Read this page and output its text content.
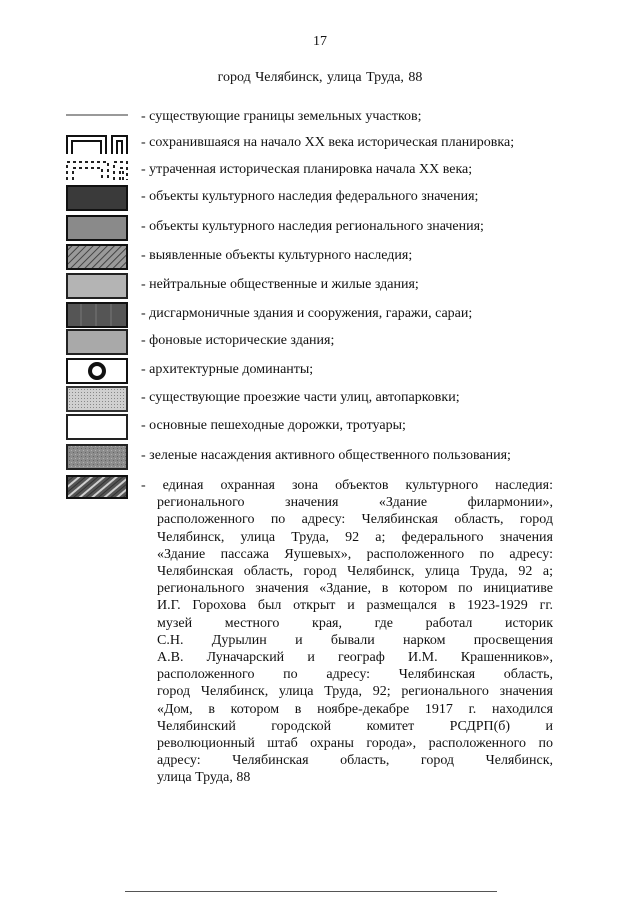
17
город Челябинск, улица Труда, 88
- существующие границы земельных участков;
- сохранившаяся на начало XX века историческая планировка;
- утраченная историческая планировка начала XX века;
- объекты культурного наследия федерального значения;
- объекты культурного наследия регионального значения;
- выявленные объекты культурного наследия;
- нейтральные общественные и жилые здания;
- дисгармоничные здания и сооружения, гаражи, сараи;
- фоновые исторические здания;
- архитектурные доминанты;
- существующие проезжие части улиц, автопарковки;
- основные пешеходные дорожки, тротуары;
- зеленые насаждения активного общественного пользования;
- единая охранная зона объектов культурного наследия:
регионального значения «Здание филармонии»,
расположенного по адресу: Челябинская область, город
Челябинск, улица Труда, 92 а; федерального значения
«Здание пассажа Яушевых», расположенного по адресу:
Челябинская область, город Челябинск, улица Труда, 92 а;
регионального значения «Здание, в котором по инициативе
И.Г. Горохова был открыт и размещался в 1923-1929 гг.
музей местного края, где работал историк
С.Н. Дурылин и бывали нарком просвещения
А.В. Луначарский и географ И.М. Крашенников»,
расположенного по адресу: Челябинская область,
город Челябинск, улица Труда, 92; регионального значения
«Дом, в котором в ноябре-декабре 1917 г. находился
Челябинский городской комитет РСДРП(б) и
революционный штаб охраны города», расположенного по
адресу: Челябинская область, город Челябинск,
улица Труда, 88
